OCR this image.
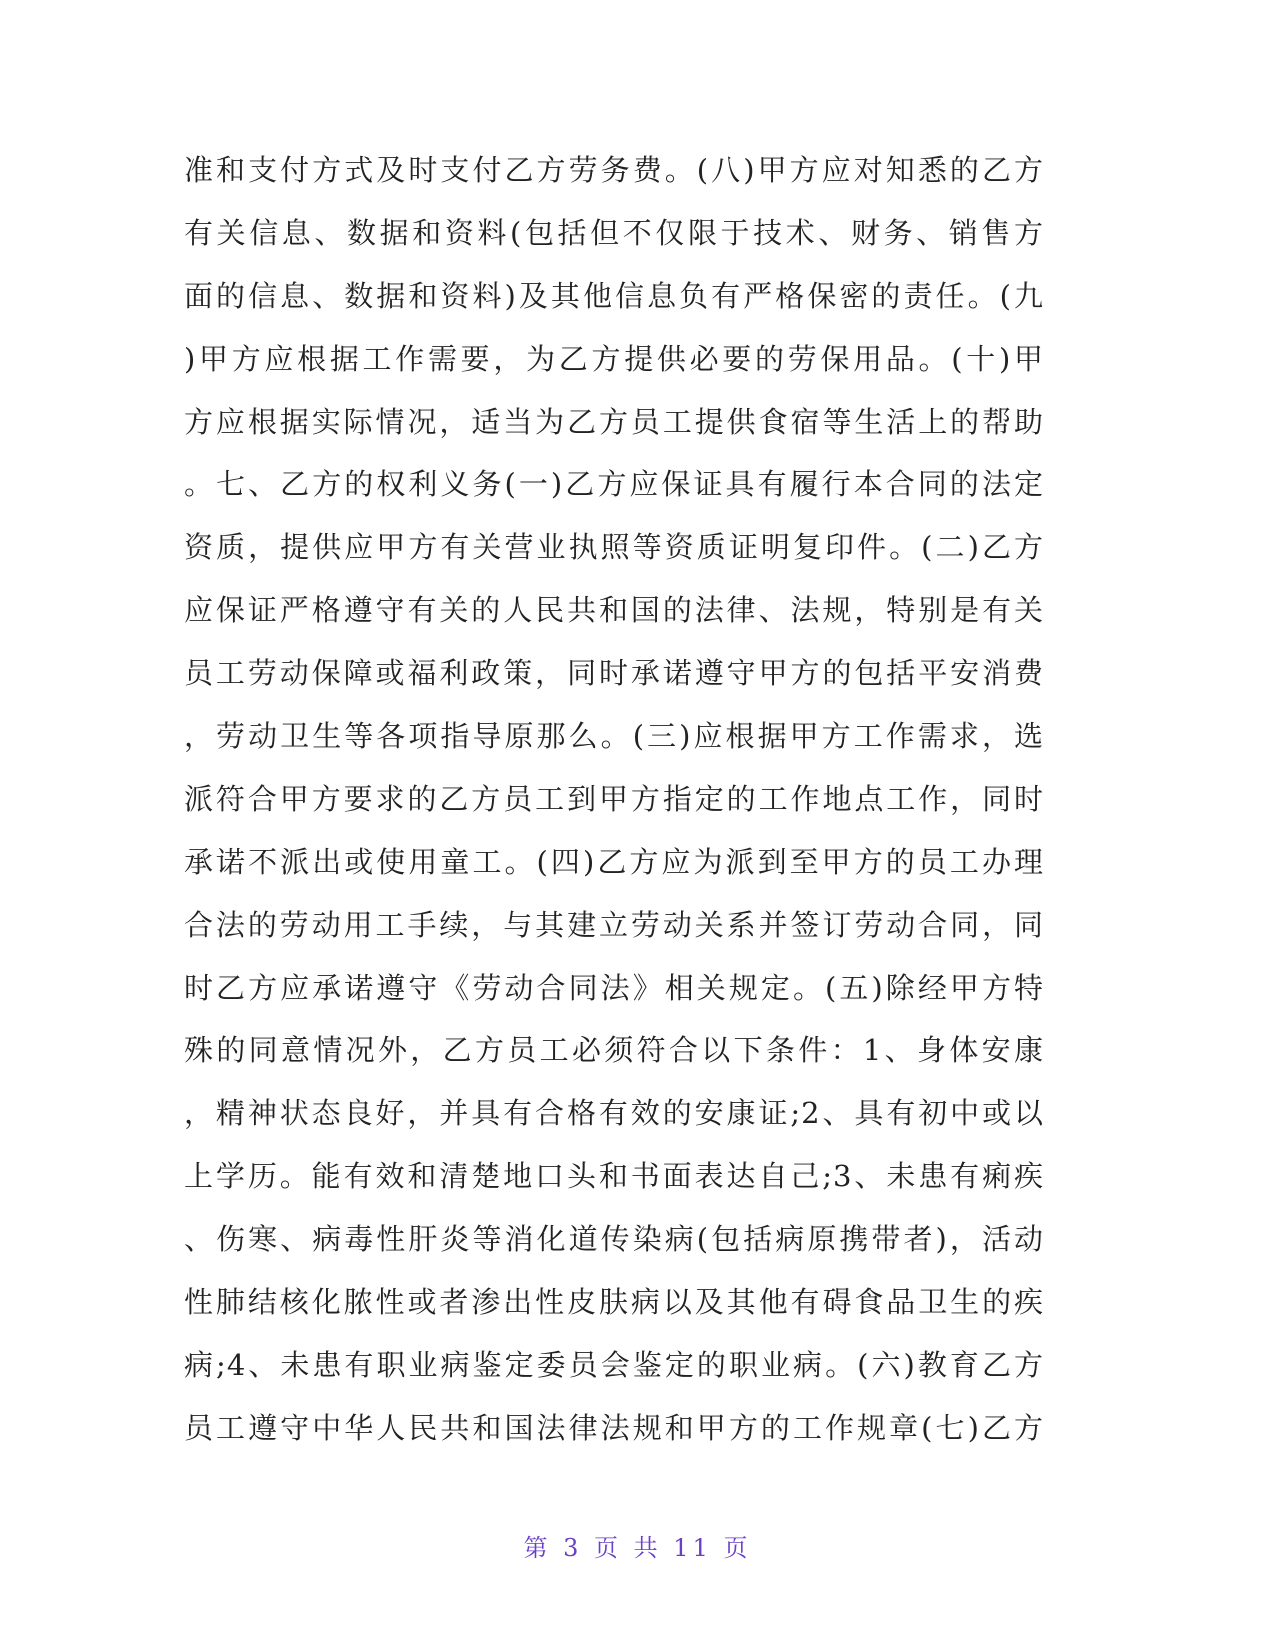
准和支付方式及时支付乙方劳务费。(八)甲方应对知悉的乙方
有关信息、数据和资料(包括但不仅限于技术、财务、销售方
面的信息、数据和资料)及其他信息负有严格保密的责任。(九
)甲方应根据工作需要，为乙方提供必要的劳保用品。(十)甲
方应根据实际情况，适当为乙方员工提供食宿等生活上的帮助
。七、乙方的权利义务(一)乙方应保证具有履行本合同的法定
资质，提供应甲方有关营业执照等资质证明复印件。(二)乙方
应保证严格遵守有关的人民共和国的法律、法规，特别是有关
员工劳动保障或福利政策，同时承诺遵守甲方的包括平安消费
，劳动卫生等各项指导原那么。(三)应根据甲方工作需求，选
派符合甲方要求的乙方员工到甲方指定的工作地点工作，同时
承诺不派出或使用童工。(四)乙方应为派到至甲方的员工办理
合法的劳动用工手续，与其建立劳动关系并签订劳动合同，同
时乙方应承诺遵守《劳动合同法》相关规定。(五)除经甲方特
殊的同意情况外，乙方员工必须符合以下条件：1、身体安康
，精神状态良好，并具有合格有效的安康证;2、具有初中或以
上学历。能有效和清楚地口头和书面表达自己;3、未患有痢疾
、伤寒、病毒性肝炎等消化道传染病(包括病原携带者)，活动
性肺结核化脓性或者渗出性皮肤病以及其他有碍食品卫生的疾
病;4、未患有职业病鉴定委员会鉴定的职业病。(六)教育乙方
员工遵守中华人民共和国法律法规和甲方的工作规章(七)乙方
第 3 页 共 11 页
